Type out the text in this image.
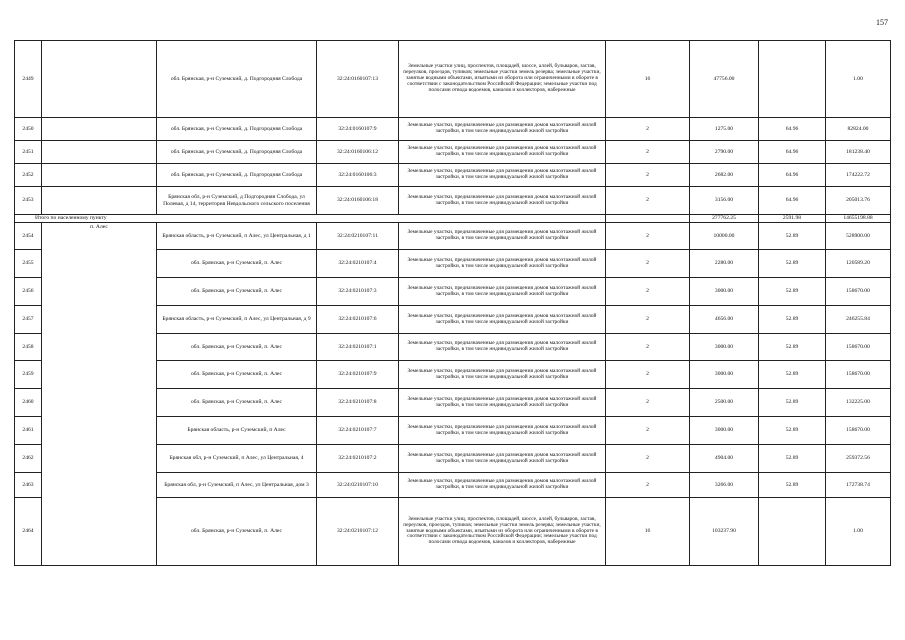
157
2449		обл. Брянская, р-н Суземский, д. Подгородняя Слобода	32:24:0160107:13	Земельные участки улиц, проспектов, площадей, шоссе, аллей, бульваров, застав, переулков, проездов, тупиков; земельные участки земель резерва; земельные участки, занятые водными объектами, изъятыми из оборота или ограниченными в обороте в соответствии с законодательством Российской Федерации; земельные участки под полосами отвода водоемов, каналов и коллекторов, набережные	16	47756.00		1.00
2450		обл. Брянская, р-н Суземский, д. Подгородняя Слобода	32:24:0160107:9	Земельные участки, предназначенные для размещения домов малоэтажной жилой застройки, в том числе индивидуальной жилой застройки	2	1275.00	64.96	82824.00
2451		обл. Брянская, р-н Суземский, д. Подгородняя Слобода	32:24:0160106:12	Земельные участки, предназначенные для размещения домов малоэтажной жилой застройки, в том числе индивидуальной жилой застройки	2	2790.00	64.96	181238.40
2452		обл. Брянская, р-н Суземский, д. Подгородняя Слобода	32:24:0160106:3	Земельные участки, предназначенные для размещения домов малоэтажной жилой застройки, в том числе индивидуальной жилой застройки	2	2682.00	64.96	174222.72
2453		Брянская обл, р-н Суземский, д Подгородняя Слобода, ул Полевая, д 14, территория Невдольского сельского поселения	32:24:0160106:18	Земельные участки, предназначенные для размещения домов малоэтажной жилой застройки, в том числе индивидуальной жилой застройки	2	3156.00	64.96	205013.76
Итого по населенному пункту						277762.25	2591.98	14655198.88
2454	п. Алес	Брянская область, р-н Суземский, п Алес, ул Центральная, д 1	32:24:0210107:11	Земельные участки, предназначенные для размещения домов малоэтажной жилой застройки, в том числе индивидуальной жилой застройки	2	10000.00	52.89	528900.00
2455		обл. Брянская, р-н Суземский, п. Алес	32:24:0210107:4	Земельные участки, предназначенные для размещения домов малоэтажной жилой застройки, в том числе индивидуальной жилой застройки	2	2280.00	52.89	120589.20
2456		обл. Брянская, р-н Суземский, п. Алес	32:24:0210107:3	Земельные участки, предназначенные для размещения домов малоэтажной жилой застройки, в том числе индивидуальной жилой застройки	2	3000.00	52.89	158670.00
2457		Брянская область, р-н Суземский, п Алес, ул Центральная, д 9	32:24:0210107:6	Земельные участки, предназначенные для размещения домов малоэтажной жилой застройки, в том числе индивидуальной жилой застройки	2	4656.00	52.89	246255.84
2458		обл. Брянская, р-н Суземский, п. Алес	32:24:0210107:1	Земельные участки, предназначенные для размещения домов малоэтажной жилой застройки, в том числе индивидуальной жилой застройки	2	3000.00	52.89	158670.00
2459		обл. Брянская, р-н Суземский, п. Алес	32:24:0210107:9	Земельные участки, предназначенные для размещения домов малоэтажной жилой застройки, в том числе индивидуальной жилой застройки	2	3000.00	52.89	158670.00
2460		обл. Брянская, р-н Суземский, п. Алес	32:24:0210107:8	Земельные участки, предназначенные для размещения домов малоэтажной жилой застройки, в том числе индивидуальной жилой застройки	2	2500.00	52.89	132225.00
2461		Брянская область, р-н Суземский, п Алес	32:24:0210107:7	Земельные участки, предназначенные для размещения домов малоэтажной жилой застройки, в том числе индивидуальной жилой застройки	2	3000.00	52.89	158670.00
2462		Брянская обл, р-н Суземский, п Алес, ул Центральная, 4	32:24:0210107:2	Земельные участки, предназначенные для размещения домов малоэтажной жилой застройки, в том числе индивидуальной жилой застройки	2	4904.00	52.89	259372.56
2463		Брянская обл, р-н Суземский, п Алес, ул Центральная, дом 3	32:24:0210107:10	Земельные участки, предназначенные для размещения домов малоэтажной жилой застройки, в том числе индивидуальной жилой застройки	2	3266.00	52.89	172738.74
2464		обл. Брянская, р-н Суземский, п. Алес	32:24:0210107:12	Земельные участки улиц, проспектов, площадей, шоссе, аллей, бульваров, застав, переулков, проездов, тупиков; земельные участки земель резерва; земельные участки, занятые водными объектами, изъятыми из оборота или ограниченными в обороте в соответствии с законодательством Российской Федерации; земельные участки под полосами отвода водоемов, каналов и коллекторов, набережные	16	103237.90		1.00
